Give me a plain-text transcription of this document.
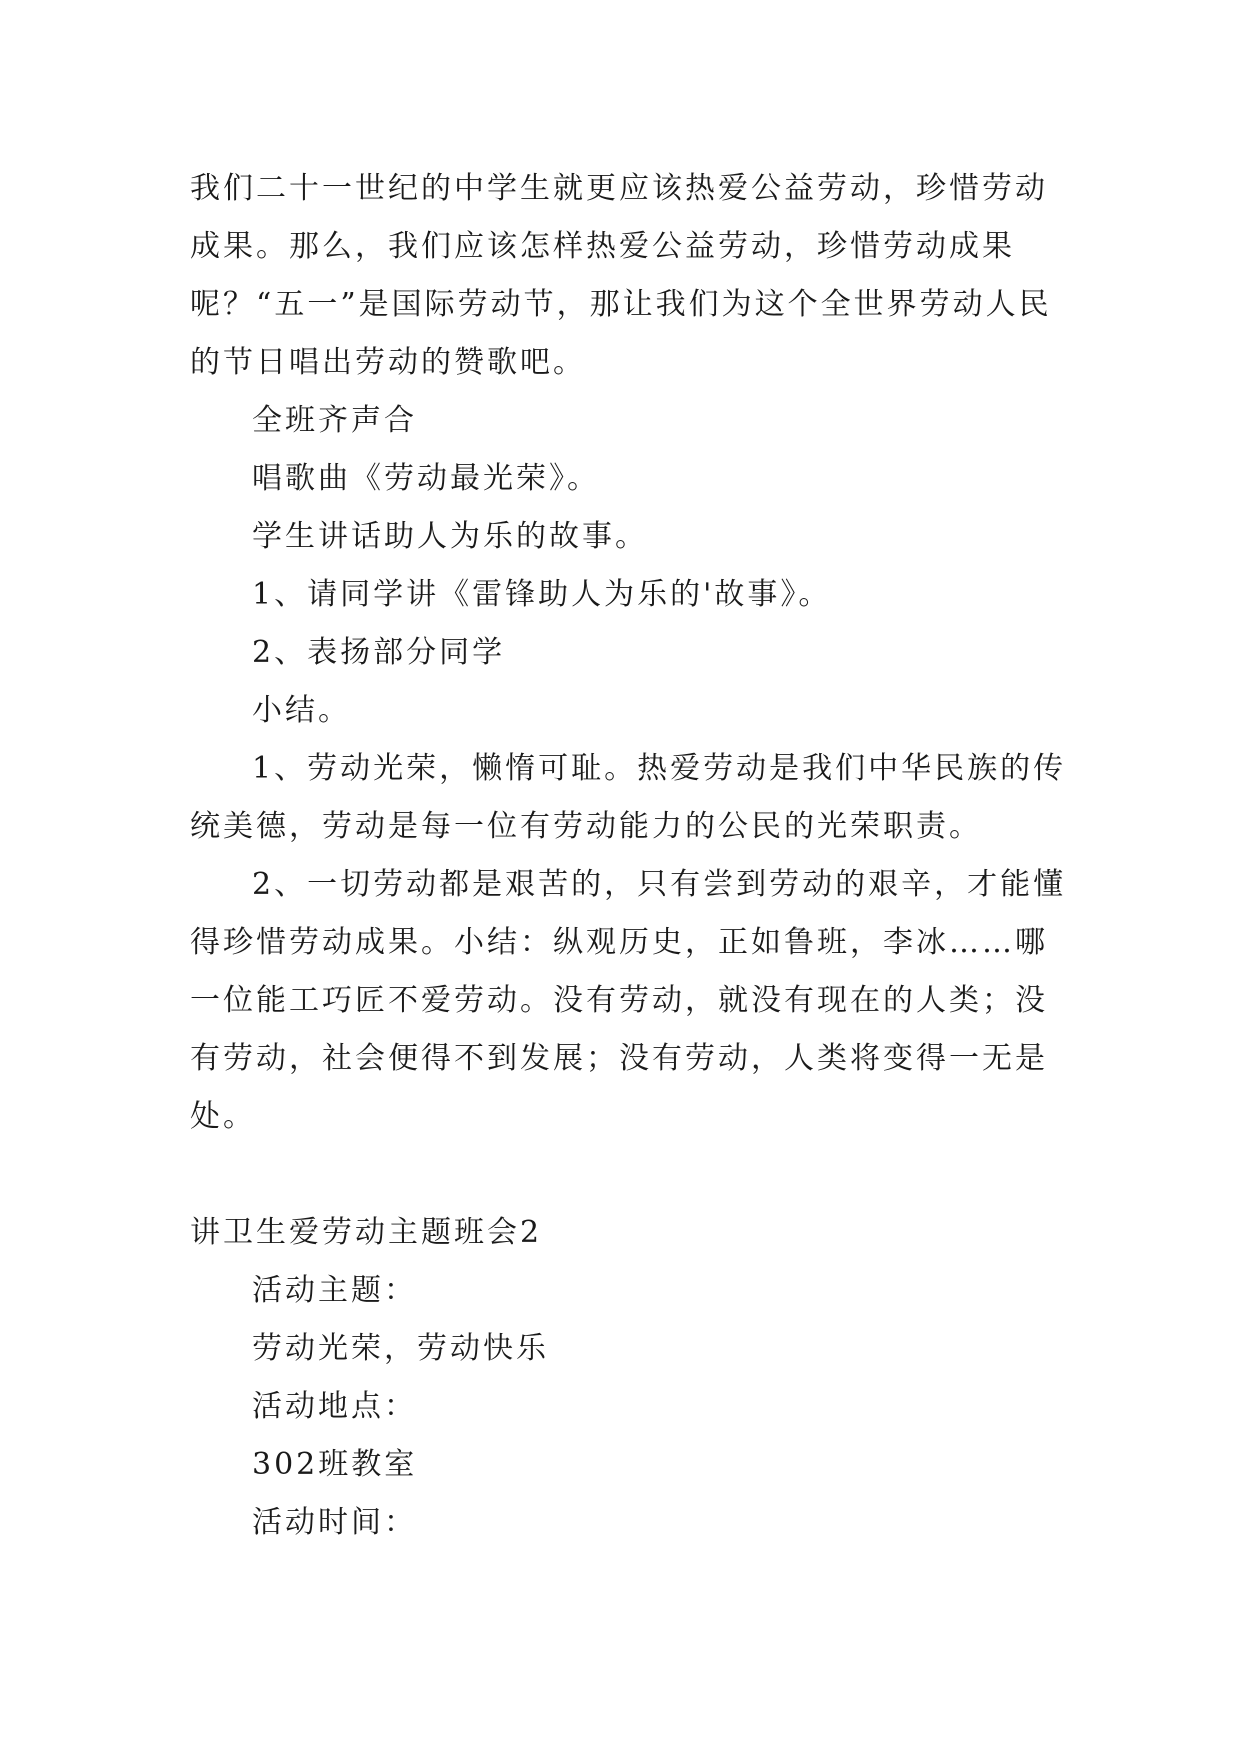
我们二十一世纪的中学生就更应该热爱公益劳动，珍惜劳动成果。那么，我们应该怎样热爱公益劳动，珍惜劳动成果呢？“五一”是国际劳动节，那让我们为这个全世界劳动人民的节日唱出劳动的赞歌吧。

全班齐声合

唱歌曲《劳动最光荣》。

学生讲话助人为乐的故事。

1、请同学讲《雷锋助人为乐的'故事》。

2、表扬部分同学

小结。

1、劳动光荣，懒惰可耻。热爱劳动是我们中华民族的传统美德，劳动是每一位有劳动能力的公民的光荣职责。

2、一切劳动都是艰苦的，只有尝到劳动的艰辛，才能懂得珍惜劳动成果。小结：纵观历史，正如鲁班，李冰……哪一位能工巧匠不爱劳动。没有劳动，就没有现在的人类；没有劳动，社会便得不到发展；没有劳动，人类将变得一无是处。

讲卫生爱劳动主题班会2

活动主题：

劳动光荣，劳动快乐

活动地点：

302班教室

活动时间：
